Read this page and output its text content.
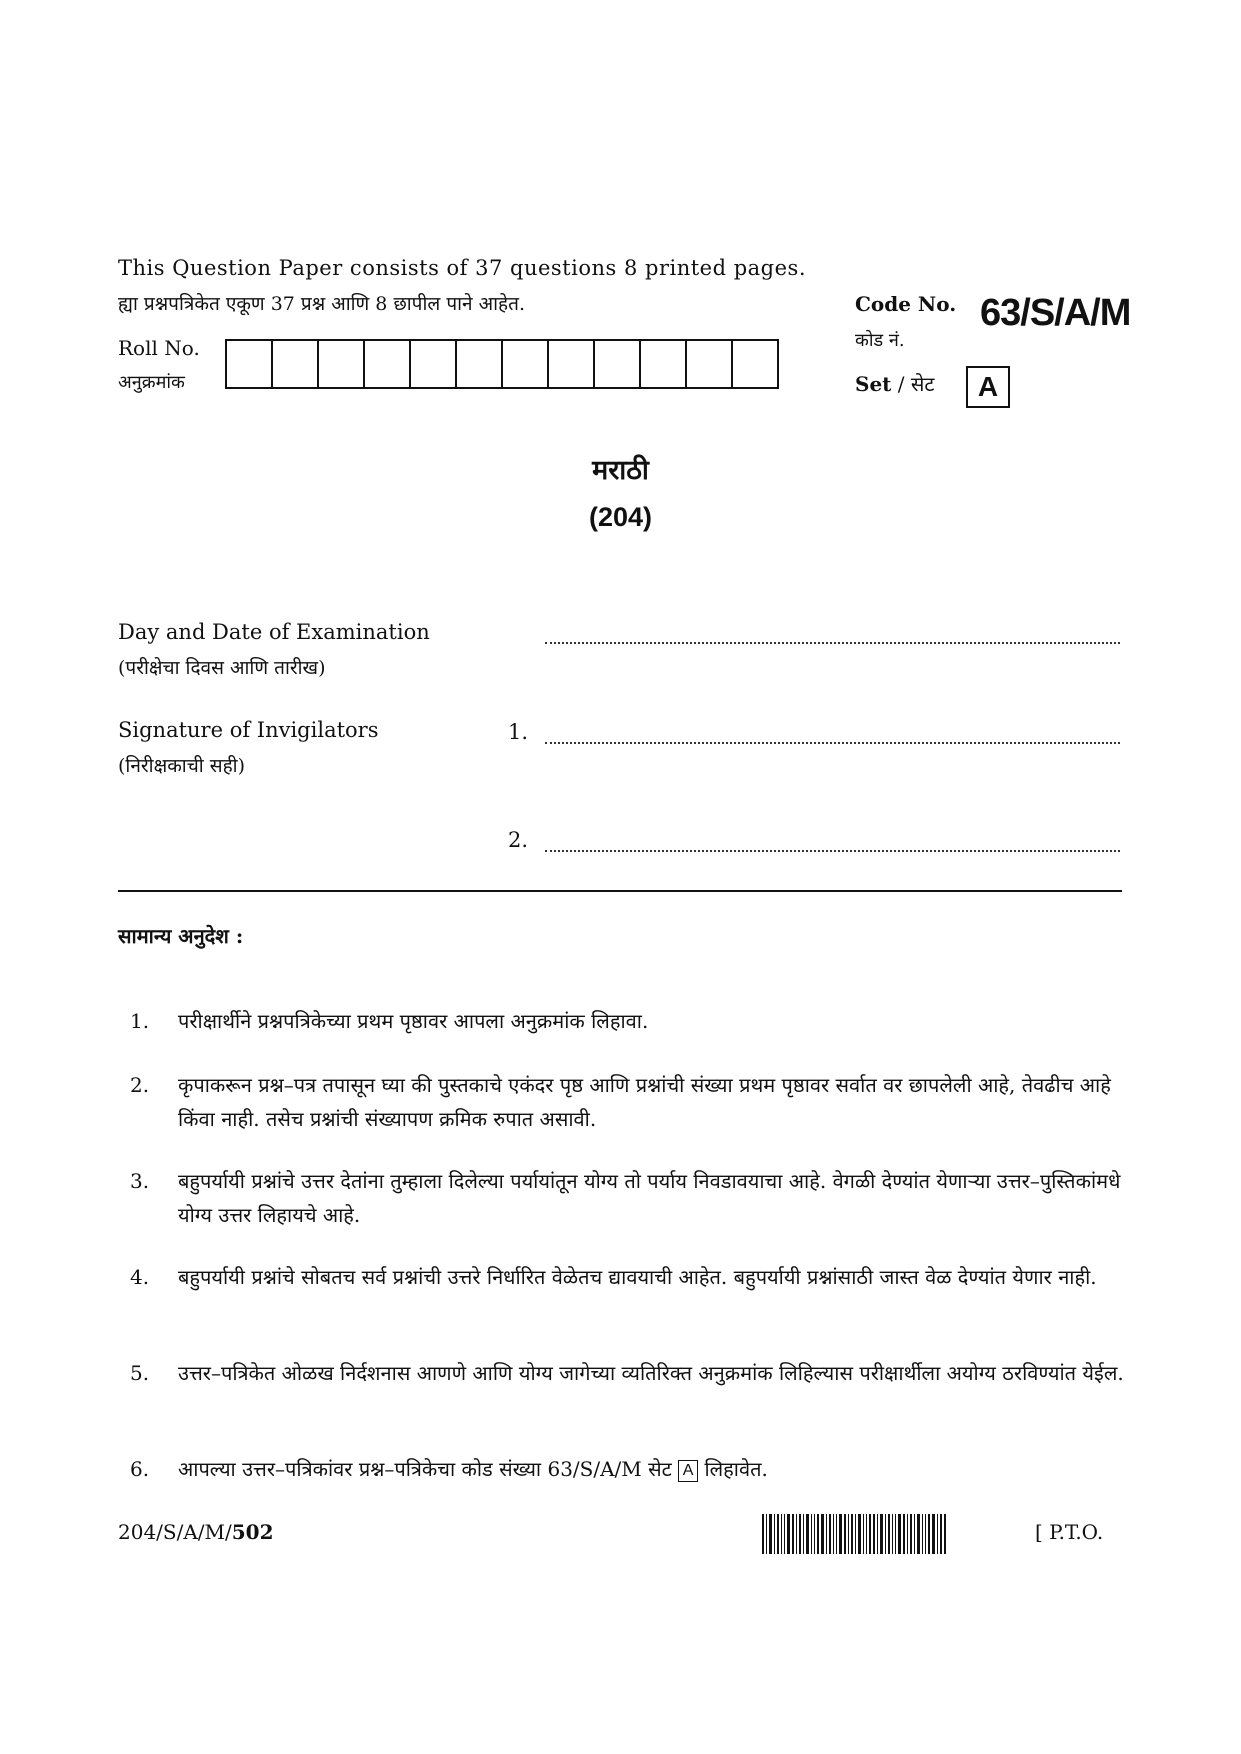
This Question Paper consists of 37 questions 8 printed pages.
ह्या प्रश्नपत्रिकेत एकूण 37 प्रश्न आणि 8 छापील पाने आहेत.	Code No. 63/S/A/M
कोड नं.
Roll No.
अनुक्रमांक	Set / सेट	A
मराठी
(204)
Day and Date of Examination
(परीक्षेचा दिवस आणि तारीख)
Signature of Invigilators
(निरीक्षकाची सही)
1.
2.
सामान्य अनुदेश :
1.	परीक्षार्थीने प्रश्नपत्रिकेच्या प्रथम पृष्ठावर आपला अनुक्रमांक लिहावा.
2.	कृपाकरून प्रश्न–पत्र तपासून घ्या की पुस्तकाचे एकंदर पृष्ठ आणि प्रश्नांची संख्या प्रथम पृष्ठावर सर्वात वर छापलेली आहे, तेवढीच आहे किंवा नाही. तसेच प्रश्नांची संख्यापण क्रमिक रुपात असावी.
3.	बहुपर्यायी प्रश्नांचे उत्तर देतांना तुम्हाला दिलेल्या पर्यायांतून योग्य तो पर्याय निवडावयाचा आहे. वेगळी देण्यांत येणाऱ्या उत्तर–पुस्तिकांमधे योग्य उत्तर लिहायचे आहे.
4.	बहुपर्यायी प्रश्नांचे सोबतच सर्व प्रश्नांची उत्तरे निर्धारित वेळेतच द्यावयाची आहेत. बहुपर्यायी प्रश्नांसाठी जास्त वेळ देण्यांत येणार नाही.
5.	उत्तर–पत्रिकेत ओळख निर्दशनास आणणे आणि योग्य जागेच्या व्यतिरिक्त अनुक्रमांक लिहिल्यास परीक्षार्थीला अयोग्य ठरविण्यांत येईल.
6.	आपल्या उत्तर–पत्रिकांवर प्रश्न–पत्रिकेचा कोड संख्या 63/S/A/M सेट A लिहावेत.
204/S/A/M/502	[ P.T.O.
